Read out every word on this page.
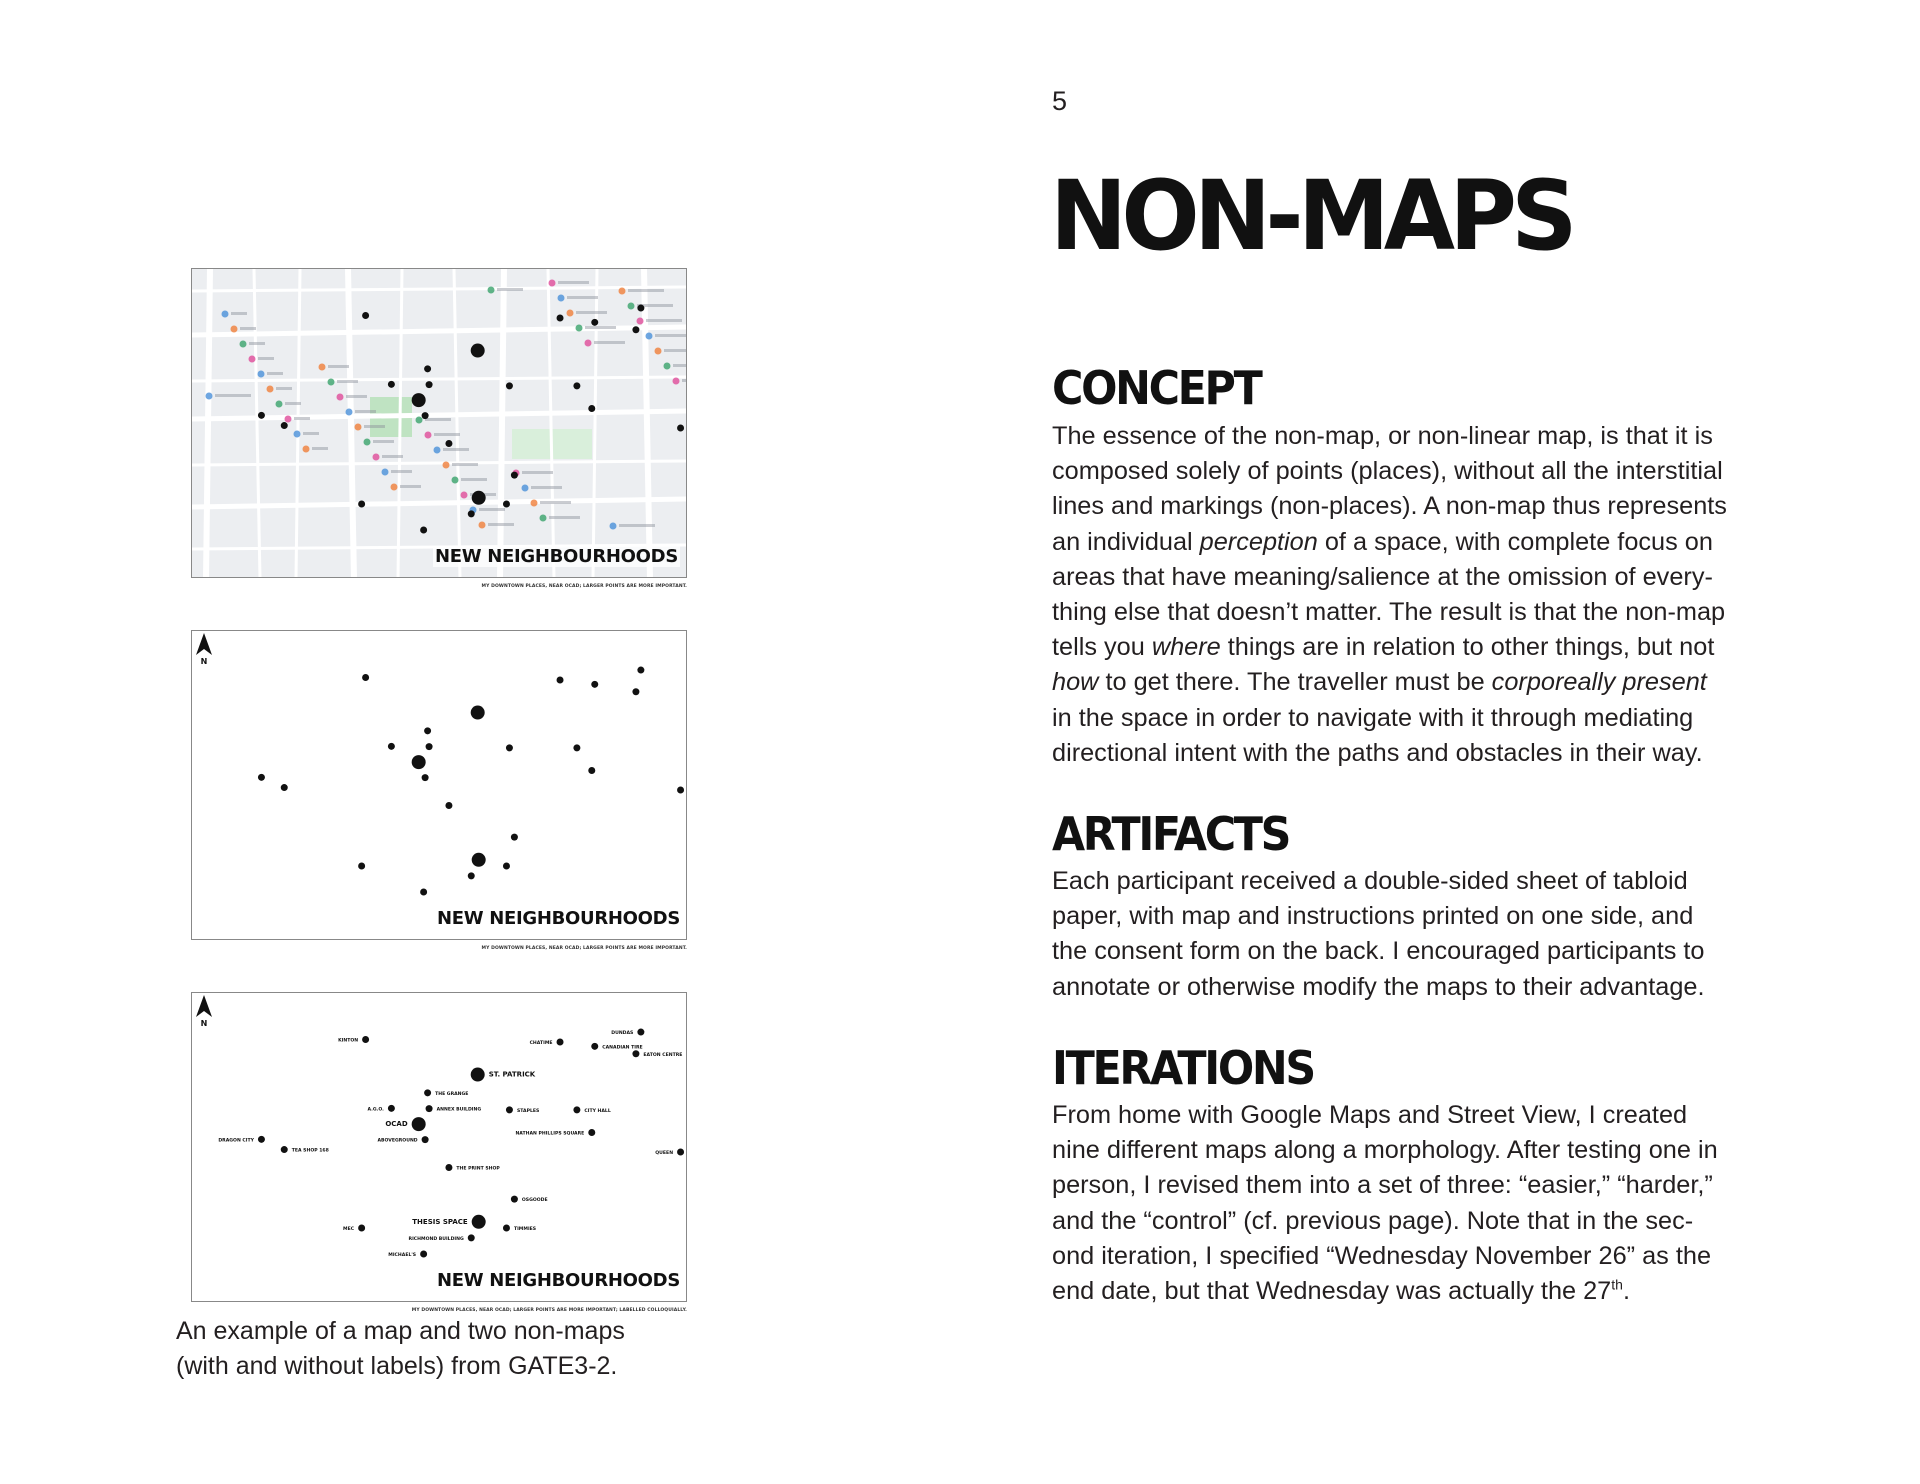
5
NON-MAPS
CONCEPT

The essence of the non-map, or non-linear map, is that it is

composed solely of points (places), without all the interstitial

lines and markings (non-places). A non-map thus represents

an individual perception of a space, with complete focus on

areas that have meaning/salience at the omission of every-

thing else that doesn’t matter. The result is that the non-map

tells you where things are in relation to other things, but not

how to get there. The traveller must be corporeally present

in the space in order to navigate with it through mediating

directional intent with the paths and obstacles in their way.

ARTIFACTS

Each participant received a double-sided sheet of tabloid

paper, with map and instructions printed on one side, and

the consent form on the back. I encouraged participants to

annotate or otherwise modify the maps to their advantage.

ITERATIONS

From home with Google Maps and Street View, I created

nine different maps along a morphology. After testing one in

person, I revised them into a set of three: “easier,” “harder,”

and the “control” (cf. previous page). Note that in the sec-

ond iteration, I specified “Wednesday November 26” as the

end date, but that Wednesday was actually the 27th.

NEW NEIGHBOURHOODS
MY DOWNTOWN PLACES, NEAR OCAD; LARGER POINTS ARE MORE IMPORTANT.
N
NEW NEIGHBOURHOODS
MY DOWNTOWN PLACES, NEAR OCAD; LARGER POINTS ARE MORE IMPORTANT.
KINTON	CHATIME
CANADIAN TIRE
DUNDAS
EATON CENTRE
ST. PATRICK
THE GRANGE
A.G.O.	ANNEX BUILDING
OCAD
STAPLES	CITY HALL
NATHAN PHILLIPS SQUARE
ABOVEGROUND
DRAGON CITY
TEA SHOP 168	QUEEN
THE PRINT SHOP
OSGOODE
THESIS SPACE
TIMMIES
MEC
RICHMOND BUILDING
MICHAEL'S
N
NEW NEIGHBOURHOODS
MY DOWNTOWN PLACES, NEAR OCAD; LARGER POINTS ARE MORE IMPORTANT; LABELLED COLLOQUIALLY.
An example of a map and two non-maps
(with and without labels) from GATE3-2.
